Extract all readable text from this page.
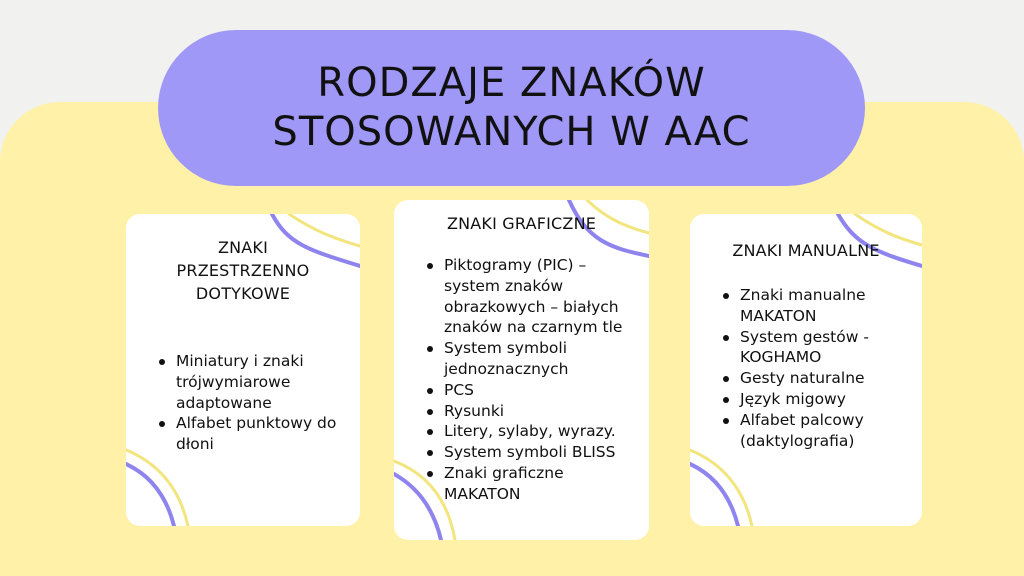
RODZAJE ZNAKÓW STOSOWANYCH W AAC
ZNAKI PRZESTRZENNO DOTYKOWE
Miniatury i znaki trójwymiarowe adaptowane
Alfabet punktowy do dłoni
ZNAKI GRAFICZNE
Piktogramy (PIC) – system znaków obrazkowych – białych znaków na czarnym tle
System symboli jednoznacznych
PCS
Rysunki
Litery, sylaby, wyrazy.
System symboli BLISS
Znaki graficzne MAKATON
ZNAKI MANUALNE
Znaki manualne MAKATON
System gestów - KOGHAMO
Gesty naturalne
Język migowy
Alfabet palcowy (daktylografia)
